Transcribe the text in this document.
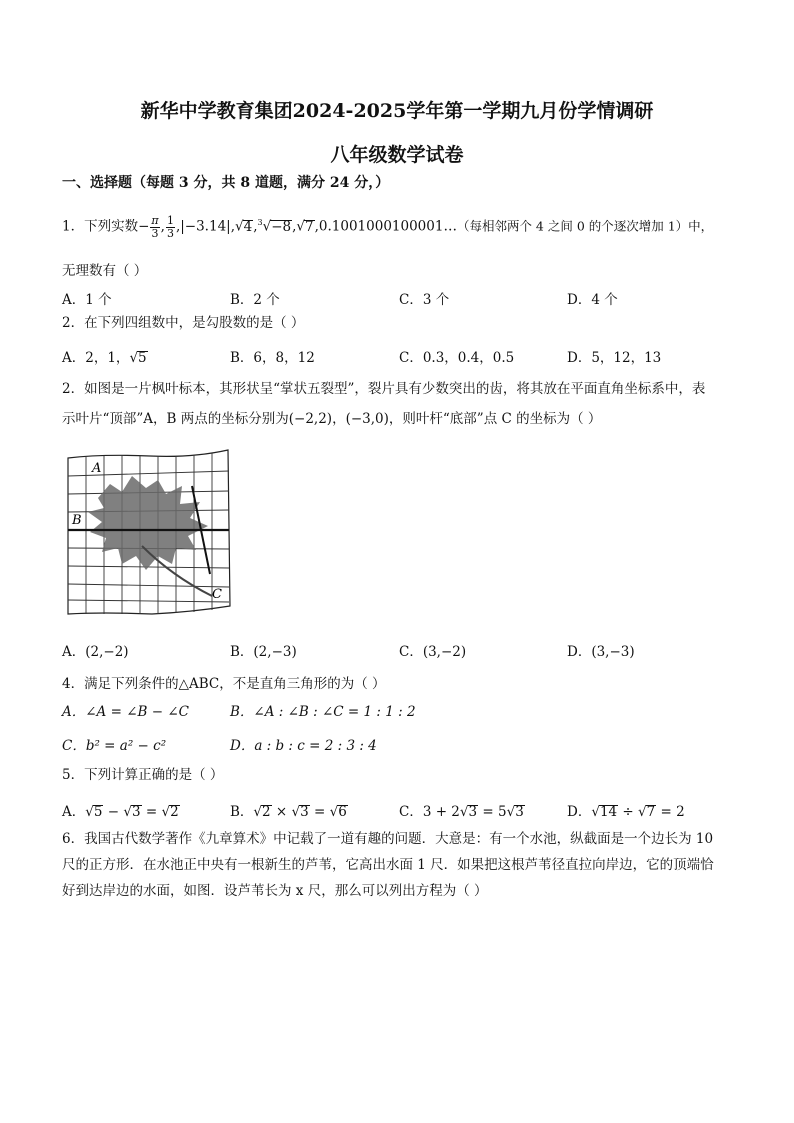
新华中学教育集团2024-2025学年第一学期九月份学情调研
八年级数学试卷
一、选择题（每题 3 分，共 8 道题，满分 24 分，）
1．下列实数− $\frac{\pi}{3}$ , $\frac{1}{3}$ ,|−3.14|,√4,$^3$√−8,√7,0.1001000100001…（每相邻两个 4 之间 0 的个逐次增加 1）中，
无理数有（ ）
A．1 个	B．2 个	C．3 个	D．4 个
2．在下列四组数中，是勾股数的是（ ）
A．2，1，√5	B．6，8，12	C．0.3，0.4，0.5	D．5，12，13
2．如图是一片枫叶标本，其形状呈“掌状五裂型”，裂片具有少数突出的齿，将其放在平面直角坐标系中，表
示叶片“顶部”A，B 两点的坐标分别为(−2,2)，(−3,0)，则叶杆“底部”点 C 的坐标为（ ）
A
B
C
A．(2,−2)	B．(2,−3)	C．(3,−2)	D．(3,−3)
4．满足下列条件的△ABC，不是直角三角形的为（ ）
A．∠A = ∠B − ∠C	B．∠A : ∠B : ∠C = 1 : 1 : 2
C．b² = a² − c²	D．a : b : c = 2 : 3 : 4
5．下列计算正确的是（ ）
A．√5 − √3 = √2	B．√2 × √3 = √6	C．3 + 2√3 = 5√3	D．√14 ÷ √7 = 2
6．我国古代数学著作《九章算术》中记载了一道有趣的问题．大意是：有一个水池，纵截面是一个边长为 10
尺的正方形．在水池正中央有一根新生的芦苇，它高出水面 1 尺．如果把这根芦苇径直拉向岸边，它的顶端恰
好到达岸边的水面，如图．设芦苇长为 x 尺，那么可以列出方程为（ ）
